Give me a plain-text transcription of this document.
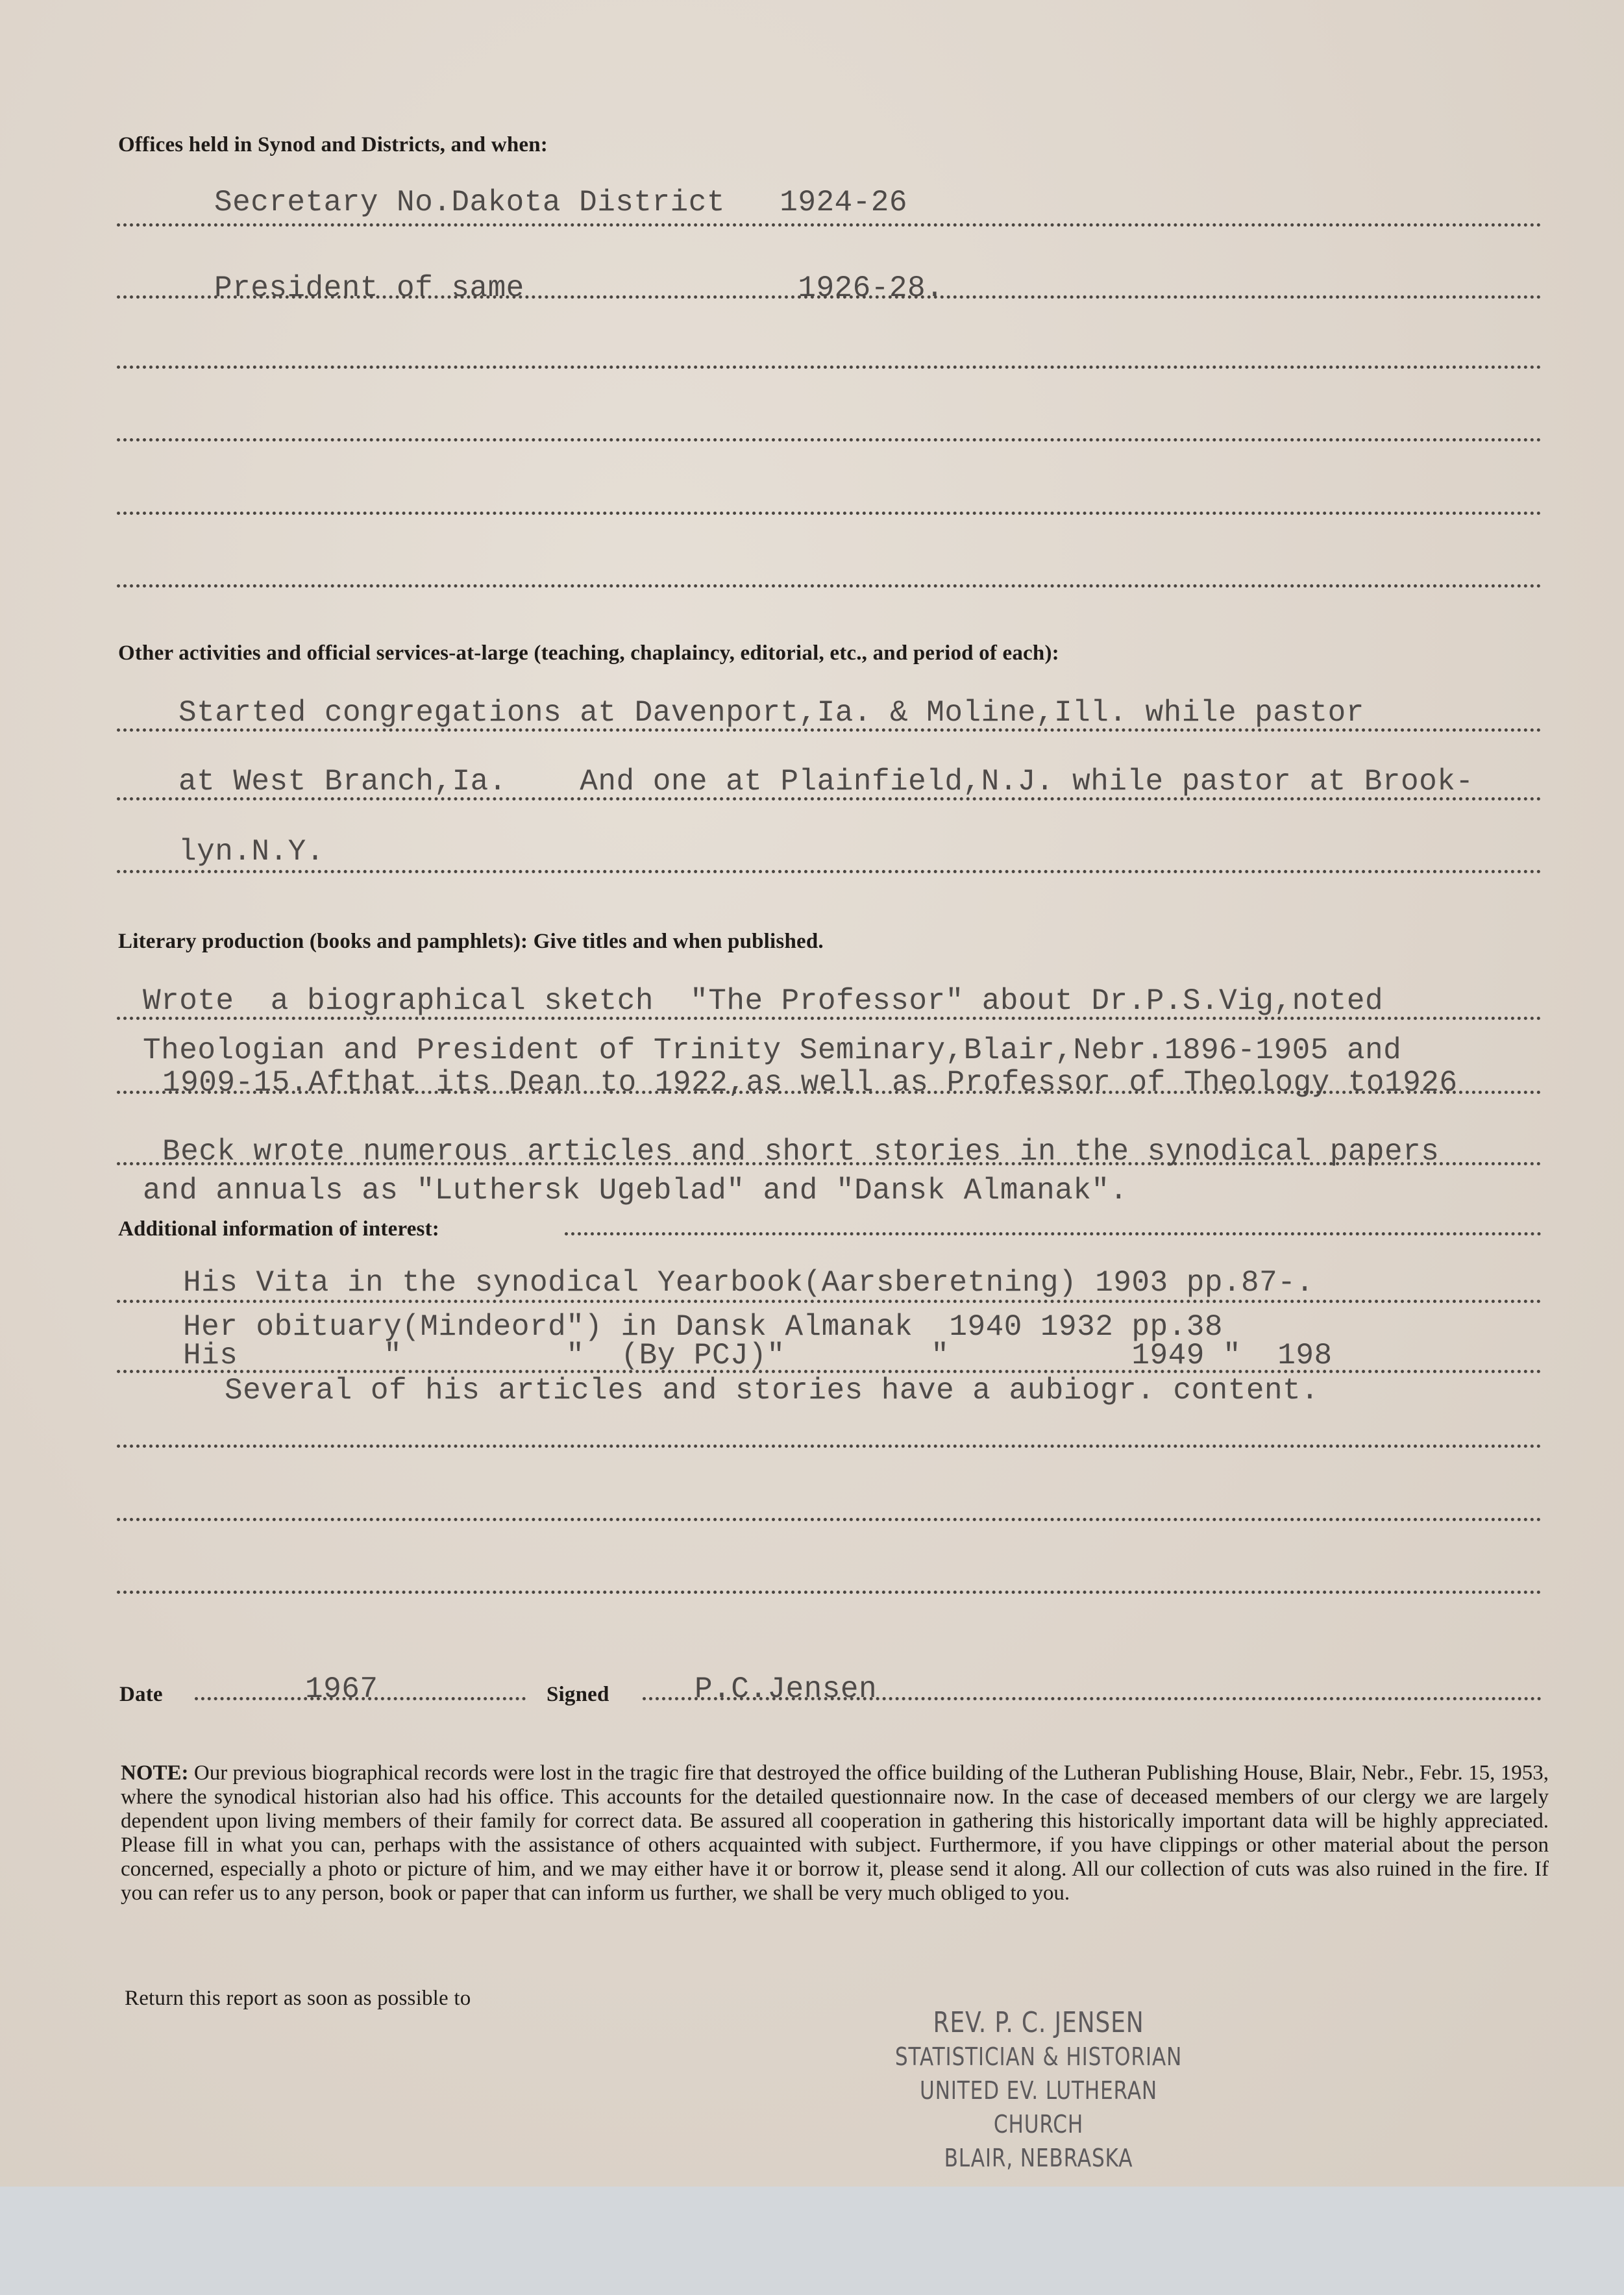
Offices held in Synod and Districts, and when:
Secretary No.Dakota District   1924-26
President of same               1926-28.
Other activities and official services-at-large (teaching, chaplaincy, editorial, etc., and period of each):
Started congregations at Davenport,Ia. & Moline,Ill. while pastor
at West Branch,Ia.    And one at Plainfield,N.J. while pastor at Brook-
lyn.N.Y.
Literary production (books and pamphlets): Give titles and when published.
Wrote  a biographical sketch  "The Professor" about Dr.P.S.Vig,noted
Theologian and President of Trinity Seminary,Blair,Nebr.1896-1905 and
1909-15.Afthat its Dean to 1922,as well as Professor of Theology to1926
Beck wrote numerous articles and short stories in the synodical papers
and annuals as "Luthersk Ugeblad" and "Dansk Almanak".
Additional information of interest:
His Vita in the synodical Yearbook(Aarsberetning) 1903 pp.87-.
Her obituary(Mindeord") in Dansk Almanak  1940 1932 pp.38
His        "         "  (By PCJ)"        "          1949 "  198
Several of his articles and stories have a aubiogr. content.
Date	1967	Signed	P.C.Jensen
NOTE: Our previous biographical records were lost in the tragic fire that destroyed the office building of the Lutheran Publishing House, Blair, Nebr., Febr. 15, 1953, where the synodical historian also had his office. This accounts for the detailed questionnaire now. In the case of deceased members of our clergy we are largely dependent upon living members of their family for correct data. Be assured all cooperation in gathering this historically important data will be highly appreciated. Please fill in what you can, perhaps with the assistance of others acquainted with subject. Furthermore, if you have clippings or other material about the person concerned, especially a photo or picture of him, and we may either have it or borrow it, please send it along. All our collection of cuts was also ruined in the fire. If you can refer us to any person, book or paper that can inform us further, we shall be very much obliged to you.
Return this report as soon as possible to
REV. P. C. JENSEN
STATISTICIAN & HISTORIAN
UNITED EV. LUTHERAN CHURCH
BLAIR, NEBRASKA
